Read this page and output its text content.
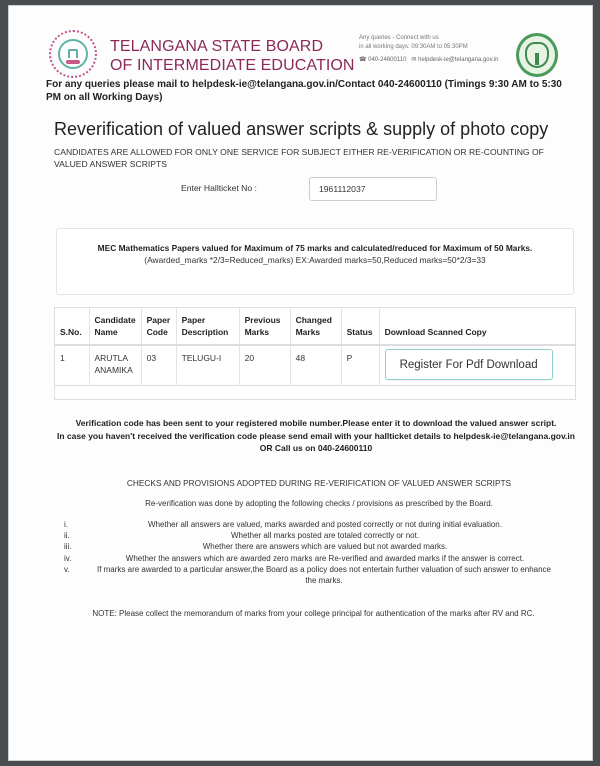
TELANGANA STATE BOARD
OF INTERMEDIATE EDUCATION
Any queries - Connect with us
in all working days: 09:30AM to 05:30PM
☎ 040-24600110 ✉ helpdesk-ie@telangana.gov.in
For any queries please mail to helpdesk-ie@telangana.gov.in/Contact 040-24600110 (Timings 9:30 AM to 5:30 PM on all Working Days)
Reverification of valued answer scripts & supply of photo copy
CANDIDATES ARE ALLOWED FOR ONLY ONE SERVICE FOR SUBJECT EITHER RE-VERIFICATION OR RE-COUNTING OF VALUED ANSWER SCRIPTS
Enter Hallticket No :
1961112037
MEC Mathematics Papers valued for Maximum of 75 marks and calculated/reduced for Maximum of 50 Marks.
(Awarded_marks *2/3=Reduced_marks) EX:Awarded marks=50,Reduced marks=50*2/3=33
S.No.	Candidate Name	Paper Code	Paper Description	Previous Marks	Changed Marks	Status	Download Scanned Copy
1	ARUTLA ANAMIKA	03	TELUGU-I	20	48	P	Register For Pdf Download

Verification code has been sent to your registered mobile number.Please enter it to download the valued answer script.
In case you haven't received the verification code please send email with your hallticket details to helpdesk-ie@telangana.gov.in OR Call us on 040-24600110
CHECKS AND PROVISIONS ADOPTED DURING RE-VERIFICATION OF VALUED ANSWER SCRIPTS
Re-verification was done by adopting the following checks / provisions as prescribed by the Board.
i.	Whether all answers are valued, marks awarded and posted correctly or not during initial evaluation.
ii.	Whether all marks posted are totaled correctly or not.
iii.	Whether there are answers which are valued but not awarded marks.
iv.	Whether the answers which are awarded zero marks are Re-verified and awarded marks if the answer is correct.
v.	If marks are awarded to a particular answer,the Board as a policy does not entertain further valuation of such answer to enhance the marks.
NOTE: Please collect the memorandum of marks from your college principal for authentication of the marks after RV and RC.
